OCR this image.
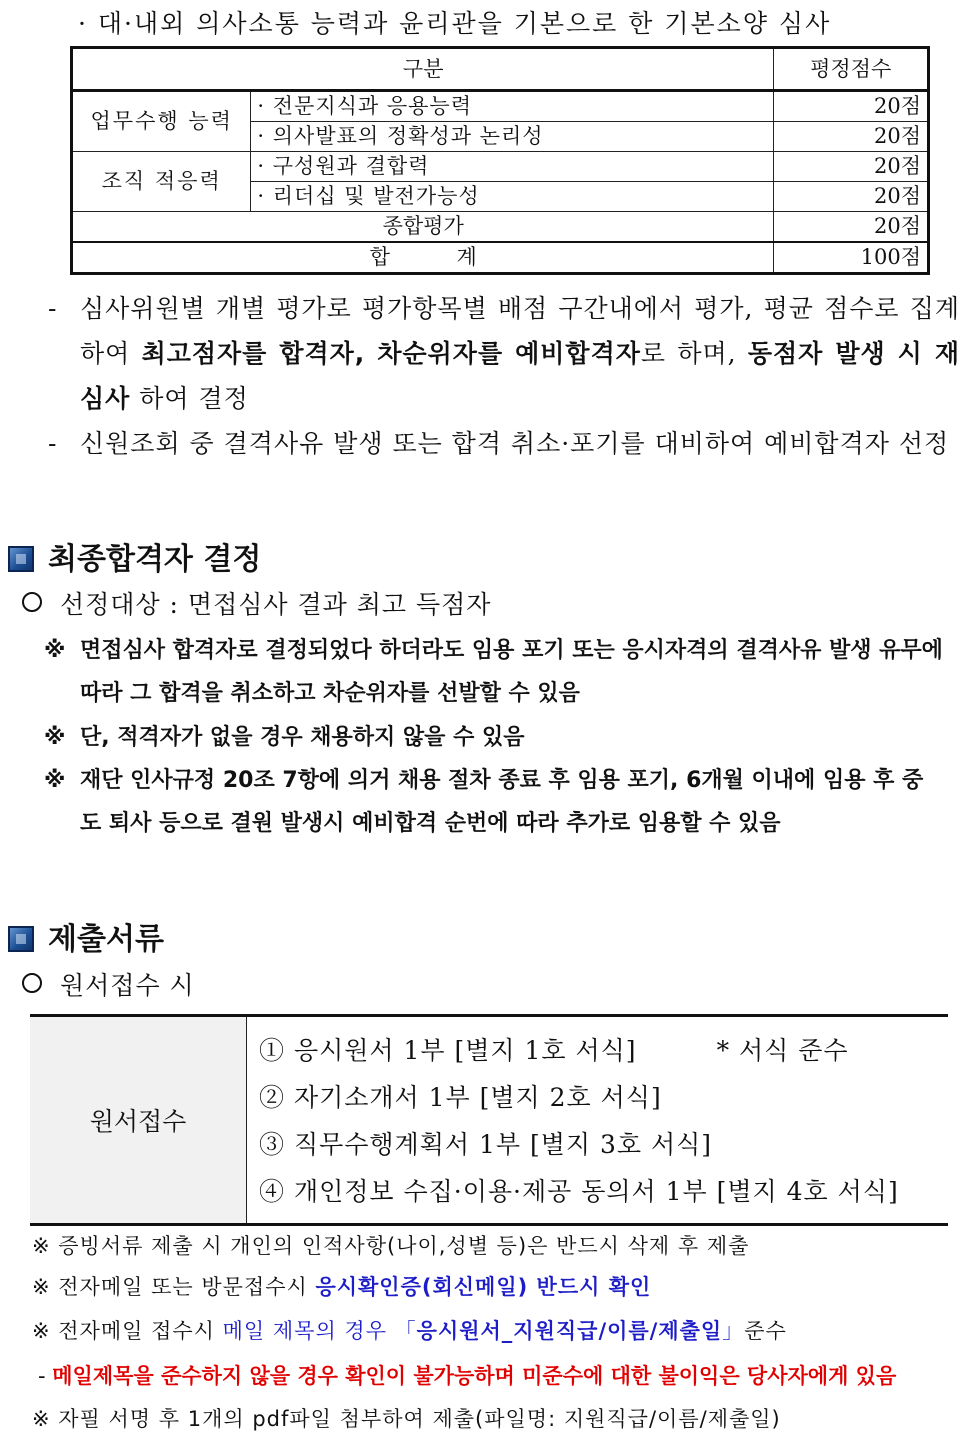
· 대·내외 의사소통 능력과 윤리관을 기본으로 한 기본소양 심사
구분		평정점수
업무수행 능력	· 전문지식과 응용능력	20점
	· 의사발표의 정확성과 논리성	20점
조직 적응력	· 구성원과 결합력	20점
	· 리더십 및 발전가능성	20점
종합평가		20점
합 계		100점
- 심사위원별 개별 평가로 평가항목별 배점 구간내에서 평가, 평균 점수로 집계하여 최고점자를 합격자, 차순위자를 예비합격자로 하며, 동점자 발생 시 재심사 하여 결정
- 신원조회 중 결격사유 발생 또는 합격 취소·포기를 대비하여 예비합격자 선정
최종합격자 결정
선정대상 : 면접심사 결과 최고 득점자
※ 면접심사 합격자로 결정되었다 하더라도 임용 포기 또는 응시자격의 결격사유 발생 유무에 따라 그 합격을 취소하고 차순위자를 선발할 수 있음
※ 단, 적격자가 없을 경우 채용하지 않을 수 있음
※ 재단 인사규정 20조 7항에 의거 채용 절차 종료 후 임용 포기, 6개월 이내에 임용 후 중도 퇴사 등으로 결원 발생시 예비합격 순번에 따라 추가로 임용할 수 있음
제출서류
원서접수 시
원서접수	
① 응시원서 1부 [별지 1호 서식]	* 서식 준수
② 자기소개서 1부 [별지 2호 서식]
③ 직무수행계획서 1부 [별지 3호 서식]
④ 개인정보 수집·이용·제공 동의서 1부 [별지 4호 서식]
※ 증빙서류 제출 시 개인의 인적사항(나이,성별 등)은 반드시 삭제 후 제출
※ 전자메일 또는 방문접수시 응시확인증(회신메일) 반드시 확인
※ 전자메일 접수시 메일 제목의 경우 「응시원서_지원직급/이름/제출일」준수
- 메일제목을 준수하지 않을 경우 확인이 불가능하며 미준수에 대한 불이익은 당사자에게 있음
※ 자필 서명 후 1개의 pdf파일 첨부하여 제출(파일명: 지원직급/이름/제출일)
